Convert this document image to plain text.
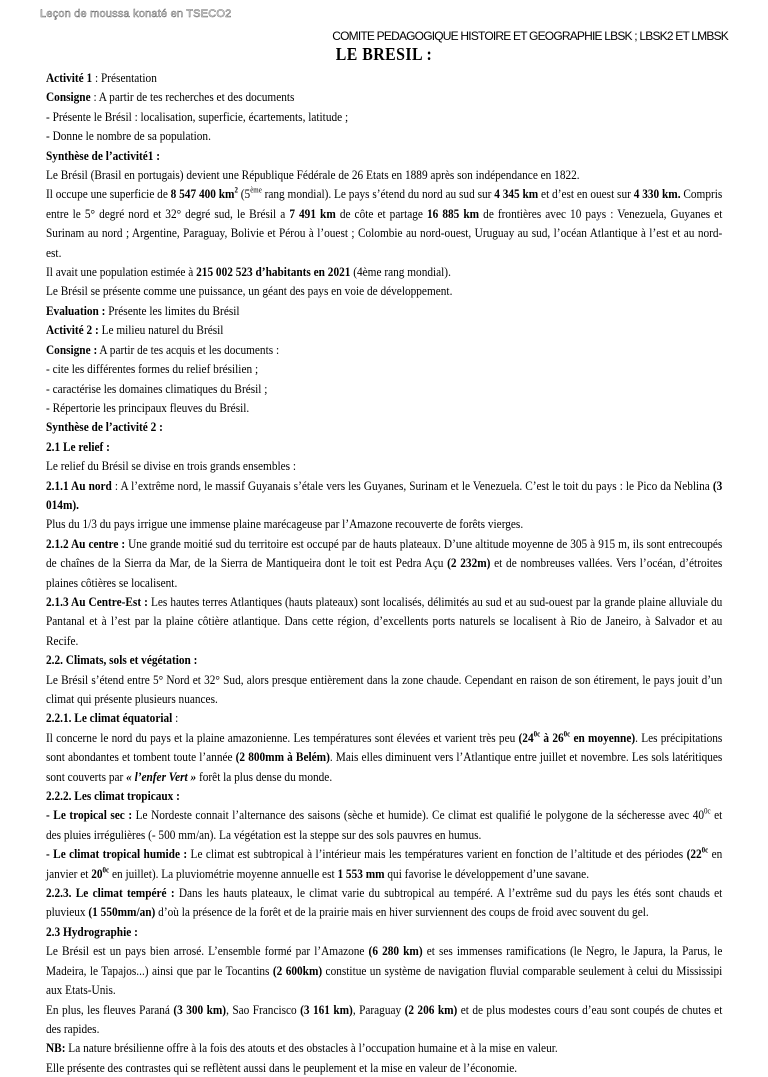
Leçon de moussa konaté en TSECO2
COMITE PEDAGOGIQUE HISTOIRE ET GEOGRAPHIE LBSK ; LBSK2 ET LMBSK
LE BRESIL :

Activité 1 : Présentation

Consigne : A partir de tes recherches et des documents

- Présente le Brésil : localisation, superficie, écartements, latitude ;

- Donne le nombre de sa population.

Synthèse de l’activité1 :

Le Brésil (Brasil en portugais) devient une République Fédérale de 26 Etats en 1889 après son indépendance en 1822.

Il occupe une superficie de 8 547 400 $km^2$ (5ème rang mondial). Le pays s’étend du nord au sud sur 4 345 km et d’est en ouest sur 4 330 km. Compris entre le 5° degré nord et 32° degré sud, le Brésil a 7 491 km de côte et partage 16 885 km de frontières avec 10 pays : Venezuela, Guyanes et Surinam au nord ; Argentine, Paraguay, Bolivie et Pérou à l’ouest ; Colombie au nord-ouest, Uruguay au sud, l’océan Atlantique à l’est et au nord-est.

Il avait une population estimée à 215 002 523 d’habitants en 2021 (4ème rang mondial).

Le Brésil se présente comme une puissance, un géant des pays en voie de développement.

Evaluation : Présente les limites du Brésil

Activité 2 : Le milieu naturel du Brésil

Consigne : A partir de tes acquis et les documents :

- cite les différentes formes du relief brésilien ;

- caractérise les domaines climatiques du Brésil ;

- Répertorie les principaux fleuves du Brésil.

Synthèse de l’activité 2 :

2.1 Le relief :

Le relief du Brésil se divise en trois grands ensembles :

2.1.1 Au nord : A l’extrême nord, le massif Guyanais s’étale vers les Guyanes, Surinam et le Venezuela. C’est le toit du pays : le Pico da Neblina (3 014m).

Plus du 1/3 du pays irrigue une immense plaine marécageuse par l’Amazone recouverte de forêts vierges.

2.1.2 Au centre : Une grande moitié sud du territoire est occupé par de hauts plateaux. D’une altitude moyenne de 305 à 915 m, ils sont entrecoupés de chaînes de la Sierra da Mar, de la Sierra de Mantiqueira dont le toit est Pedra Açu (2 232m) et de nombreuses vallées. Vers l’océan, d’étroites plaines côtières se localisent.

2.1.3 Au Centre-Est : Les hautes terres Atlantiques (hauts plateaux) sont localisés, délimités au sud et au sud-ouest par la grande plaine alluviale du Pantanal et à l’est par la plaine côtière atlantique. Dans cette région, d’excellents ports naturels se localisent à Rio de Janeiro, à Salvador et au Recife.

2.2. Climats, sols et végétation :

Le Brésil s’étend entre 5° Nord et 32° Sud, alors presque entièrement dans la zone chaude. Cependant en raison de son étirement, le pays jouit d’un climat qui présente plusieurs nuances.

2.2.1. Le climat équatorial :

Il concerne le nord du pays et la plaine amazonienne. Les températures sont élevées et varient très peu ($24^{0c}$ à $26^{0c}$ en moyenne). Les précipitations sont abondantes et tombent toute l’année (2 800mm à Belém). Mais elles diminuent vers l’Atlantique entre juillet et novembre. Les sols latéritiques sont couverts par « l’enfer Vert » forêt la plus dense du monde.

2.2.2. Les climat tropicaux :

- Le tropical sec : Le Nordeste connait l’alternance des saisons (sèche et humide). Ce climat est qualifié le polygone de la sécheresse avec $40^{0c}$ et des pluies irrégulières (- 500 mm/an). La végétation est la steppe sur des sols pauvres en humus.

- Le climat tropical humide : Le climat est subtropical à l’intérieur mais les températures varient en fonction de l’altitude et des périodes ($22^{0c}$ en janvier et $20^{0c}$ en juillet). La pluviométrie moyenne annuelle est 1 553 mm qui favorise le développement d’une savane.

2.2.3. Le climat tempéré : Dans les hauts plateaux, le climat varie du subtropical au tempéré. A l’extrême sud du pays les étés sont chauds et pluvieux (1 550mm/an) d’où la présence de la forêt et de la prairie mais en hiver surviennent des coups de froid avec souvent du gel.

2.3 Hydrographie :

Le Brésil est un pays bien arrosé. L’ensemble formé par l’Amazone (6 280 km) et ses immenses ramifications (le Negro, le Japura, la Parus, le Madeira, le Tapajos...) ainsi que par le Tocantins (2 600km) constitue un système de navigation fluvial comparable seulement à celui du Mississipi aux Etats-Unis.

En plus, les fleuves Paraná (3 300 km), Sao Francisco (3 161 km), Paraguay (2 206 km) et de plus modestes cours d’eau sont coupés de chutes et des rapides.

NB: La nature brésilienne offre à la fois des atouts et des obstacles à l’occupation humaine et à la mise en valeur.

Elle présente des contrastes qui se reflètent aussi dans le peuplement et la mise en valeur de l’économie.
